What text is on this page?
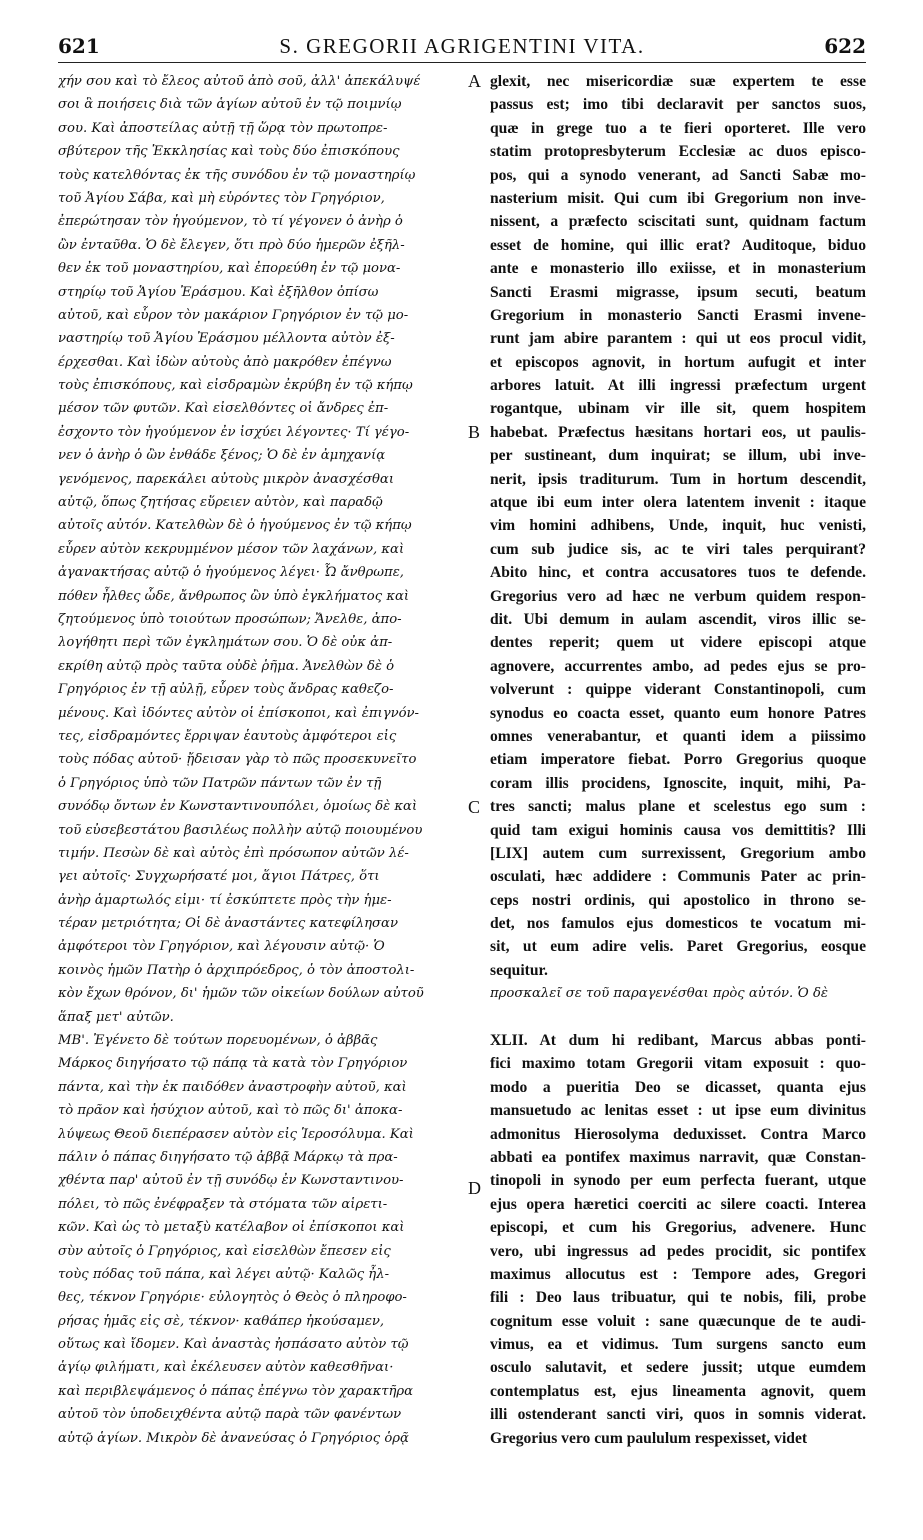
621	S. GREGORII AGRIGENTINI VITA.	622
χήν σου καὶ τὸ ἔλεος αὐτοῦ ἀπὸ σοῦ, ἀλλ' ἀπεκάλυψέ
σοι ἃ ποιήσεις διὰ τῶν ἁγίων αὐτοῦ ἐν τῷ ποιμνίῳ
σου. Καὶ ἀποστείλας αὐτῇ τῇ ὥρᾳ τὸν πρωτοπρε-
σβύτερον τῆς Ἐκκλησίας καὶ τοὺς δύο ἐπισκόπους
τοὺς κατελθόντας ἐκ τῆς συνόδου ἐν τῷ μοναστηρίῳ
τοῦ Ἁγίου Σάβα, καὶ μὴ εὑρόντες τὸν Γρηγόριον,
ἐπερώτησαν τὸν ἡγούμενον, τὸ τί γέγονεν ὁ ἀνὴρ ὁ
ὢν ἐνταῦθα. Ὁ δὲ ἔλεγεν, ὅτι πρὸ δύο ἡμερῶν ἐξῆλ-
θεν ἐκ τοῦ μοναστηρίου, καὶ ἐπορεύθη ἐν τῷ μονα-
στηρίῳ τοῦ Ἁγίου Ἐράσμου. Καὶ ἐξῆλθον ὀπίσω
αὐτοῦ, καὶ εὗρον τὸν μακάριον Γρηγόριον ἐν τῷ μο-
ναστηρίῳ τοῦ Ἁγίου Ἐράσμου μέλλοντα αὐτὸν ἐξ-
έρχεσθαι. Καὶ ἰδὼν αὐτοὺς ἀπὸ μακρόθεν ἐπέγνω
τοὺς ἐπισκόπους, καὶ εἰσδραμὼν ἐκρύβη ἐν τῷ κήπῳ
μέσον τῶν φυτῶν. Καὶ εἰσελθόντες οἱ ἄνδρες ἐπ-
ἐσχοντο τὸν ἡγούμενον ἐν ἰσχύει λέγοντες· Τί γέγο-
νεν ὁ ἀνὴρ ὁ ὢν ἐνθάδε ξένος; Ὁ δὲ ἐν ἀμηχανίᾳ
γενόμενος, παρεκάλει αὐτοὺς μικρὸν ἀνασχέσθαι
αὐτῷ, ὅπως ζητήσας εὕρειεν αὐτὸν, καὶ παραδῷ
αὐτοῖς αὐτόν. Κατελθὼν δὲ ὁ ἡγούμενος ἐν τῷ κήπῳ
εὗρεν αὐτὸν κεκρυμμένον μέσον τῶν λαχάνων, καὶ
ἀγανακτήσας αὐτῷ ὁ ἡγούμενος λέγει· Ὦ ἄνθρωπε,
πόθεν ἦλθες ὧδε, ἄνθρωπος ὢν ὑπὸ ἐγκλήματος καὶ
ζητούμενος ὑπὸ τοιούτων προσώπων; Ἄνελθε, ἀπο-
λογήθητι περὶ τῶν ἐγκλημάτων σου. Ὁ δὲ οὐκ ἀπ-
εκρίθη αὐτῷ πρὸς ταῦτα οὐδὲ ῥῆμα. Ἀνελθὼν δὲ ὁ
Γρηγόριος ἐν τῇ αὐλῇ, εὗρεν τοὺς ἄνδρας καθεζο-
μένους. Καὶ ἰδόντες αὐτὸν οἱ ἐπίσκοποι, καὶ ἐπιγνόν-
τες, εἰσδραμόντες ἔρριψαν ἑαυτοὺς ἀμφότεροι εἰς
τοὺς πόδας αὐτοῦ· ᾔδεισαν γὰρ τὸ πῶς προσεκυνεῖτο
ὁ Γρηγόριος ὑπὸ τῶν Πατρῶν πάντων τῶν ἐν τῇ
συνόδῳ ὄντων ἐν Κωνσταντινουπόλει, ὁμοίως δὲ καὶ
τοῦ εὐσεβεστάτου βασιλέως πολλὴν αὐτῷ ποιουμένου
τιμήν. Πεσὼν δὲ καὶ αὐτὸς ἐπὶ πρόσωπον αὐτῶν λέ-
γει αὐτοῖς· Συγχωρήσατέ μοι, ἅγιοι Πάτρες, ὅτι
ἀνὴρ ἁμαρτωλός εἰμι· τί ἐσκύπτετε πρὸς τὴν ἡμε-
τέραν μετριότητα; Οἱ δὲ ἀναστάντες κατεφίλησαν
ἀμφότεροι τὸν Γρηγόριον, καὶ λέγουσιν αὐτῷ· Ὁ
κοινὸς ἡμῶν Πατὴρ ὁ ἀρχιπρόεδρος, ὁ τὸν ἀποστολι-
κὸν ἔχων θρόνον, δι' ἡμῶν τῶν οἰκείων δούλων αὐτοῦ
ἅπαξ μετ' αὐτῶν.
ΜΒ'. Ἐγένετο δὲ τούτων πορευομένων, ὁ ἀββᾶς
Μάρκος διηγήσατο τῷ πάπᾳ τὰ κατὰ τὸν Γρηγόριον
πάντα, καὶ τὴν ἐκ παιδόθεν ἀναστροφὴν αὐτοῦ, καὶ
τὸ πρᾶον καὶ ἡσύχιον αὐτοῦ, καὶ τὸ πῶς δι' ἀποκα-
λύψεως Θεοῦ διεπέρασεν αὐτὸν εἰς Ἱεροσόλυμα. Καὶ
πάλιν ὁ πάπας διηγήσατο τῷ ἀββᾷ Μάρκῳ τὰ πρα-
χθέντα παρ' αὐτοῦ ἐν τῇ συνόδῳ ἐν Κωνσταντινου-
πόλει, τὸ πῶς ἐνέφραξεν τὰ στόματα τῶν αἱρετι-
κῶν. Καὶ ὡς τὸ μεταξὺ κατέλαβον οἱ ἐπίσκοποι καὶ
σὺν αὐτοῖς ὁ Γρηγόριος, καὶ εἰσελθὼν ἔπεσεν εἰς
τοὺς πόδας τοῦ πάπα, καὶ λέγει αὐτῷ· Καλῶς ἦλ-
θες, τέκνον Γρηγόριε· εὐλογητὸς ὁ Θεὸς ὁ πληροφο-
ρήσας ἡμᾶς εἰς σὲ, τέκνον· καθάπερ ἠκούσαμεν,
οὕτως καὶ ἴδομεν. Καὶ ἀναστὰς ἠσπάσατο αὐτὸν τῷ
ἁγίῳ φιλήματι, καὶ ἐκέλευσεν αὐτὸν καθεσθῆναι·
καὶ περιβλεψάμενος ὁ πάπας ἐπέγνω τὸν χαρακτῆρα
αὐτοῦ τὸν ὑποδειχθέντα αὐτῷ παρὰ τῶν φανέντων
αὐτῷ ἁγίων. Μικρὸν δὲ ἀνανεύσας ὁ Γρηγόριος ὁρᾷ
glexit, nec misericordiæ suæ expertem te esse
passus est; imo tibi declaravit per sanctos suos,
quæ in grege tuo a te fieri oporteret. Ille vero
statim protopresbyterum Ecclesiæ ac duos episco-
pos, qui a synodo venerant, ad Sancti Sabæ mo-
nasterium misit. Qui cum ibi Gregorium non inve-
nissent, a præfecto sciscitati sunt, quidnam factum
esset de homine, qui illic erat? Auditoque, biduo
ante e monasterio illo exiisse, et in monasterium
Sancti Erasmi migrasse, ipsum secuti, beatum
Gregorium in monasterio Sancti Erasmi invene-
runt jam abire parantem : qui ut eos procul vidit,
et episcopos agnovit, in hortum aufugit et inter
arbores latuit. At illi ingressi præfectum urgent
rogantque, ubinam vir ille sit, quem hospitem
habebat. Præfectus hæsitans hortari eos, ut paulis-
per sustineant, dum inquirat; se illum, ubi inve-
nerit, ipsis traditurum. Tum in hortum descendit,
atque ibi eum inter olera latentem invenit : itaque
vim homini adhibens, Unde, inquit, huc venisti,
cum sub judice sis, ac te viri tales perquirant?
Abito hinc, et contra accusatores tuos te defende.
Gregorius vero ad hæc ne verbum quidem respon-
dit. Ubi demum in aulam ascendit, viros illic se-
dentes reperit; quem ut videre episcopi atque
agnovere, accurrentes ambo, ad pedes ejus se pro-
volverunt : quippe viderant Constantinopoli, cum
synodus eo coacta esset, quanto eum honore Patres
omnes venerabantur, et quanti idem a piissimo
etiam imperatore fiebat. Porro Gregorius quoque
coram illis procidens, Ignoscite, inquit, mihi, Pa-
tres sancti; malus plane et scelestus ego sum :
quid tam exigui hominis causa vos demittitis? Illi
[LIX] autem cum surrexissent, Gregorium ambo
osculati, hæc addidere : Communis Pater ac prin-
ceps nostri ordinis, qui apostolico in throno se-
det, nos famulos ejus domesticos te vocatum mi-
sit, ut eum adire velis. Paret Gregorius, eosque
sequitur.
προσκαλεῖ σε τοῦ παραγενέσθαι πρὸς αὐτόν. Ὁ δὲ
XLII. At dum hi redibant, Marcus abbas ponti-
fici maximo totam Gregorii vitam exposuit : quo-
modo a pueritia Deo se dicasset, quanta ejus
mansuetudo ac lenitas esset : ut ipse eum divinitus
admonitus Hierosolyma deduxisset. Contra Marco
abbati ea pontifex maximus narravit, quæ Constan-
tinopoli in synodo per eum perfecta fuerant, utque
ejus opera hæretici coerciti ac silere coacti. Interea
episcopi, et cum his Gregorius, advenere. Hunc
vero, ubi ingressus ad pedes procidit, sic pontifex
maximus allocutus est : Tempore ades, Gregori
fili : Deo laus tribuatur, qui te nobis, fili, probe
cognitum esse voluit : sane quæcunque de te audi-
vimus, ea et vidimus. Tum surgens sancto eum
osculo salutavit, et sedere jussit; utque eumdem
contemplatus est, ejus lineamenta agnovit, quem
illi ostenderant sancti viri, quos in somnis viderat.
Gregorius vero cum paululum respexisset, videt
A
B
C
D
